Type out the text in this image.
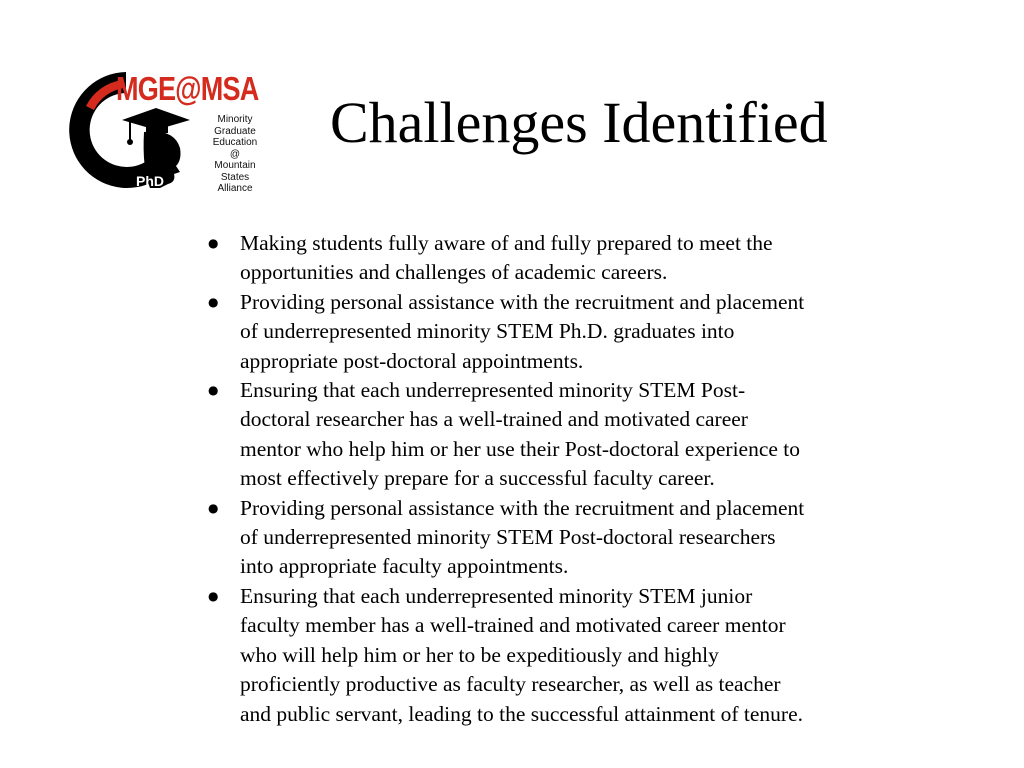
MGE@MSA
Minority
Graduate
Education
@
Mountain
States
Alliance
PhD
Challenges Identified
● Making students fully aware of and fully prepared to meet the
opportunities and challenges of academic careers.
● Providing personal assistance with the recruitment and placement
of underrepresented minority STEM Ph.D. graduates into
appropriate post-doctoral appointments.
● Ensuring that each underrepresented minority STEM Post-
doctoral researcher has a well-trained and motivated career
mentor who help him or her use their Post-doctoral experience to
most effectively prepare for a successful faculty career.
● Providing personal assistance with the recruitment and placement
of underrepresented minority STEM Post-doctoral researchers
into appropriate faculty appointments.
● Ensuring that each underrepresented minority STEM junior
faculty member has a well-trained and motivated career mentor
who will help him or her to be expeditiously and highly
proficiently productive as faculty researcher, as well as teacher
and public servant, leading to the successful attainment of tenure.
